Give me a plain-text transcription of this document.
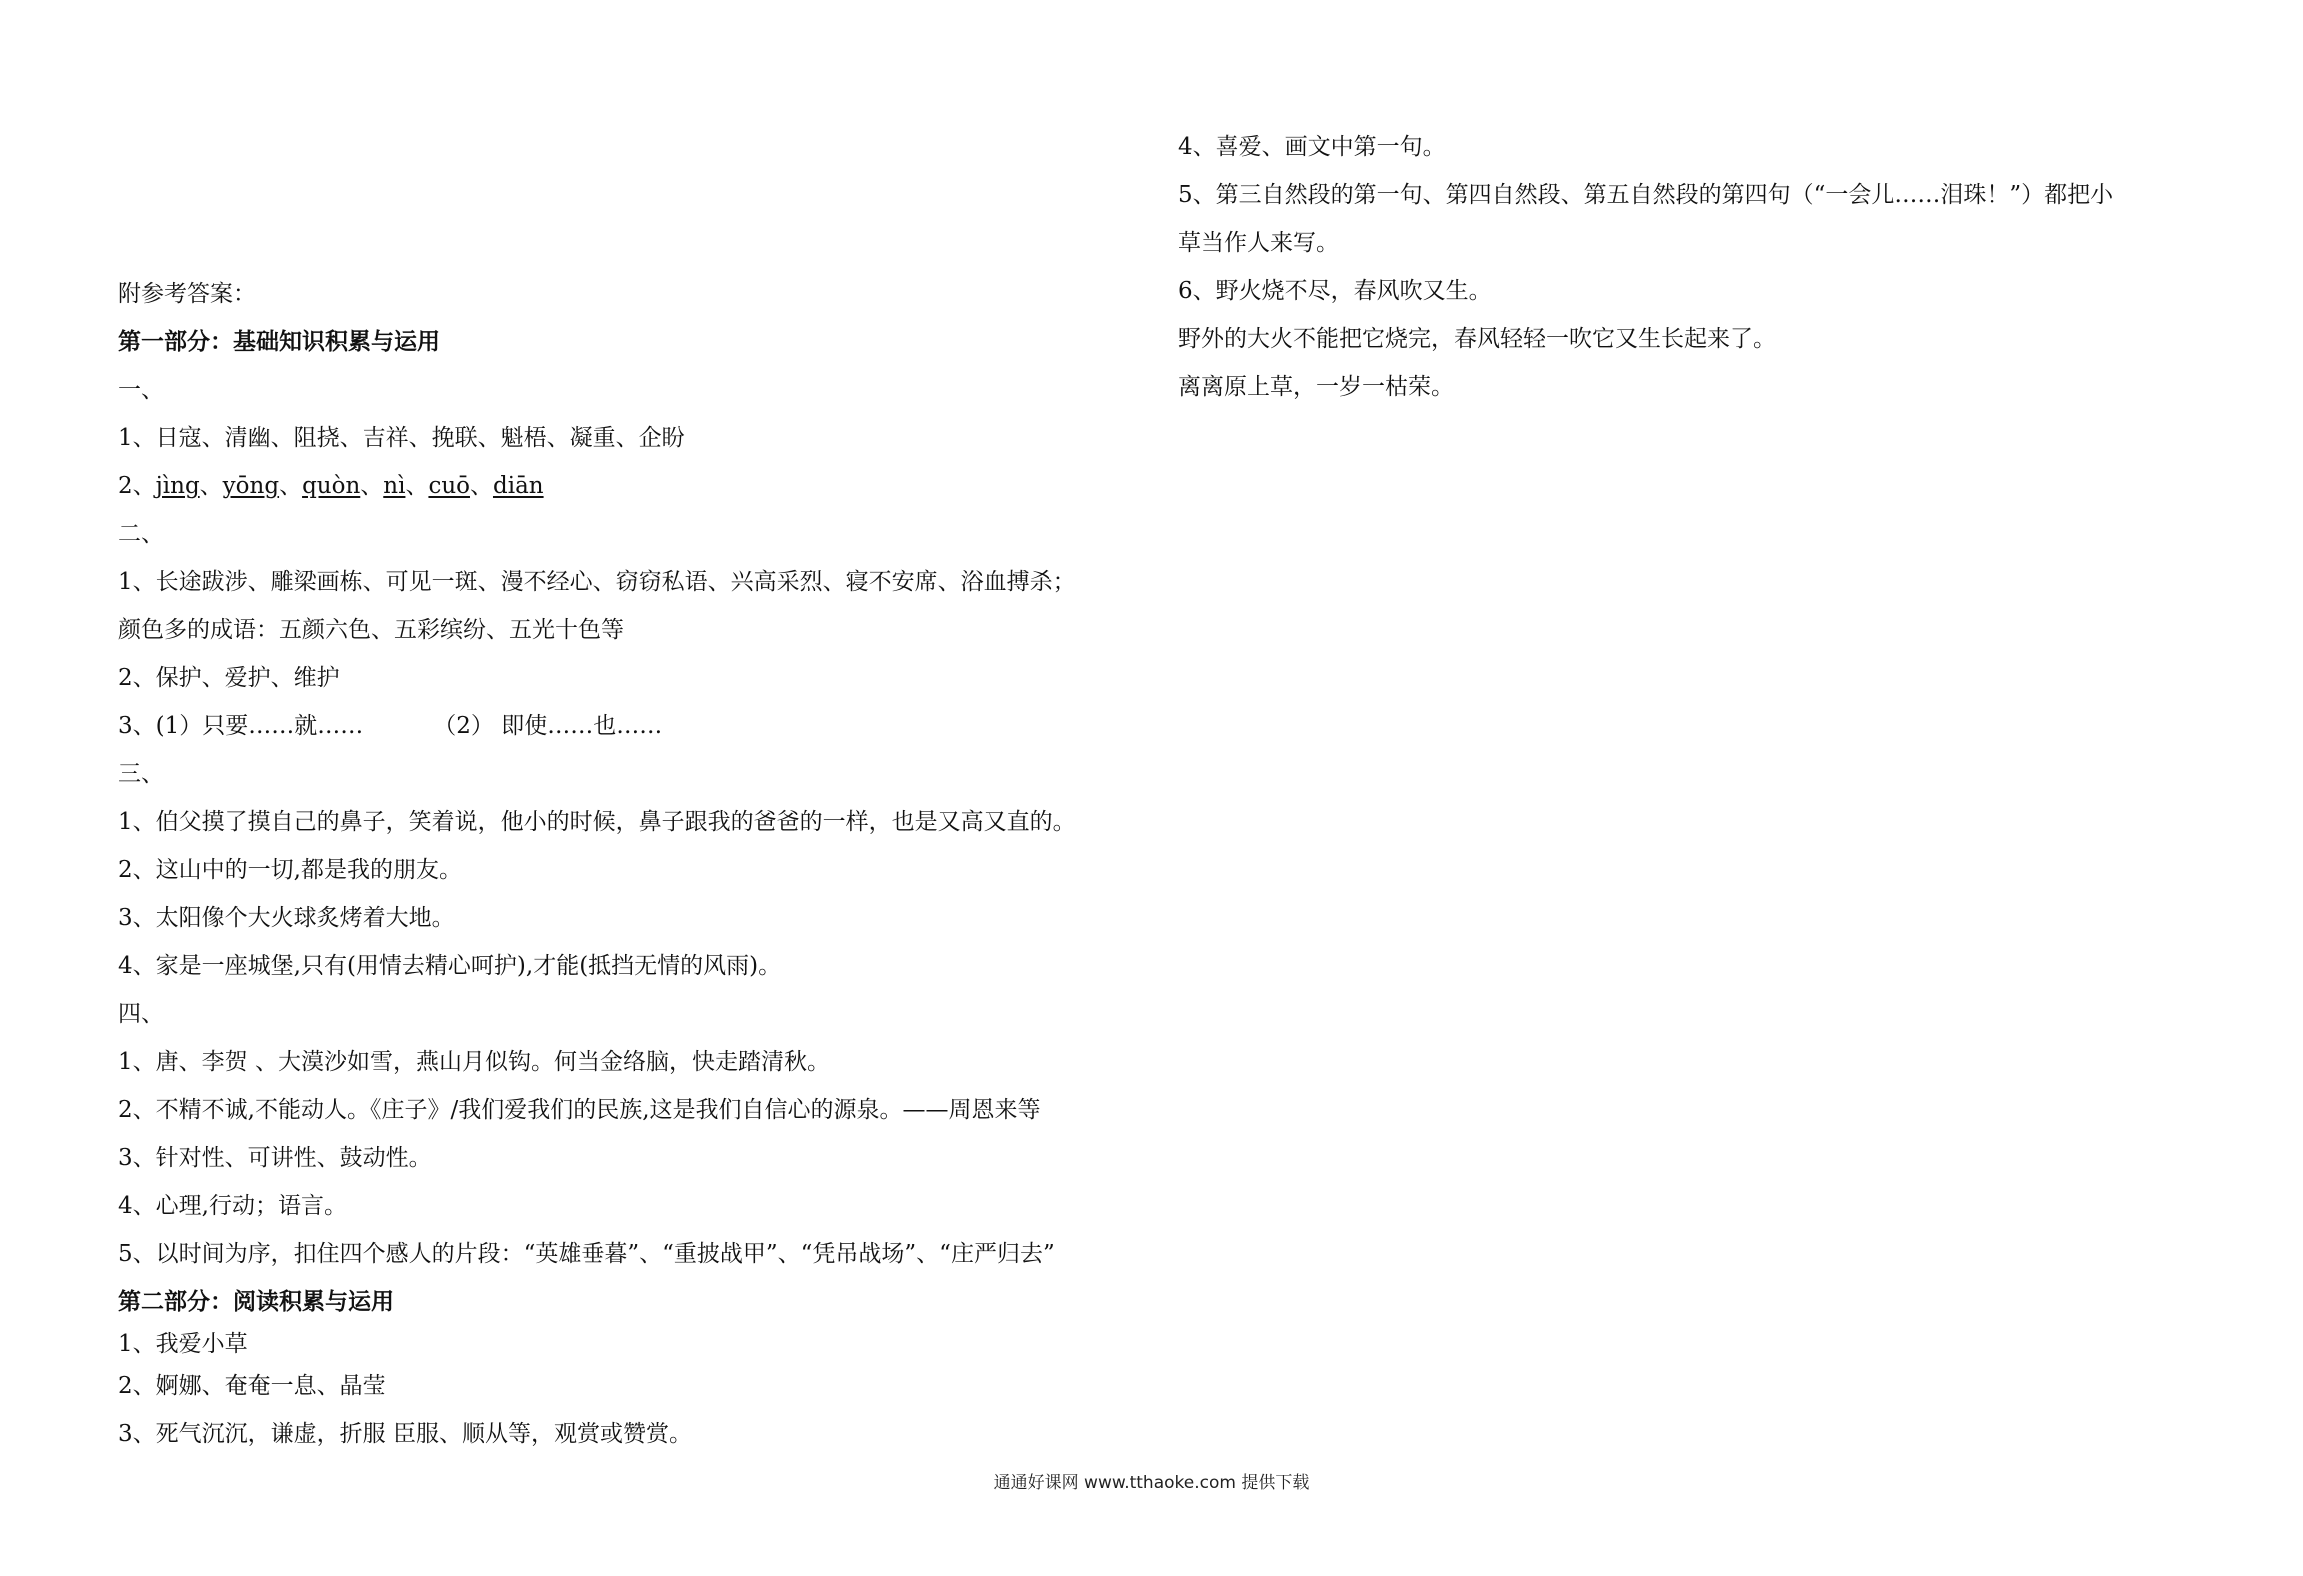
附参考答案：
第一部分：基础知识积累与运用
一、
1、日寇、清幽、阻挠、吉祥、挽联、魁梧、凝重、企盼
2、jìng、yōng、quòn、nì、cuō、diān
二、
1、长途跋涉、雕梁画栋、可见一斑、漫不经心、窃窃私语、兴高采烈、寝不安席、浴血搏杀；
颜色多的成语：五颜六色、五彩缤纷、五光十色等
2、保护、爱护、维护
3、(1）只要……就……	（2） 即使……也……
三、
1、伯父摸了摸自己的鼻子，笑着说，他小的时候，鼻子跟我的爸爸的一样，也是又高又直的。
2、这山中的一切,都是我的朋友。
3、太阳像个大火球炙烤着大地。
4、家是一座城堡,只有(用情去精心呵护),才能(抵挡无情的风雨)。
四、
1、唐、李贺 、大漠沙如雪，燕山月似钩。何当金络脑，快走踏清秋。
2、不精不诚,不能动人。《庄子》/我们爱我们的民族,这是我们自信心的源泉。——周恩来等
3、针对性、可讲性、鼓动性。
4、心理,行动；语言。
5、以时间为序，扣住四个感人的片段：“英雄垂暮”、“重披战甲”、“凭吊战场”、“庄严归去”
第二部分：阅读积累与运用
1、我爱小草
2、婀娜、奄奄一息、晶莹
3、死气沉沉，谦虚，折服 臣服、顺从等，观赏或赞赏。
4、喜爱、画文中第一句。
5、第三自然段的第一句、第四自然段、第五自然段的第四句（“一会儿……泪珠！”）都把小
草当作人来写。
6、野火烧不尽，春风吹又生。
野外的大火不能把它烧完，春风轻轻一吹它又生长起来了。
离离原上草，一岁一枯荣。
通通好课网 www.tthaoke.com 提供下载
